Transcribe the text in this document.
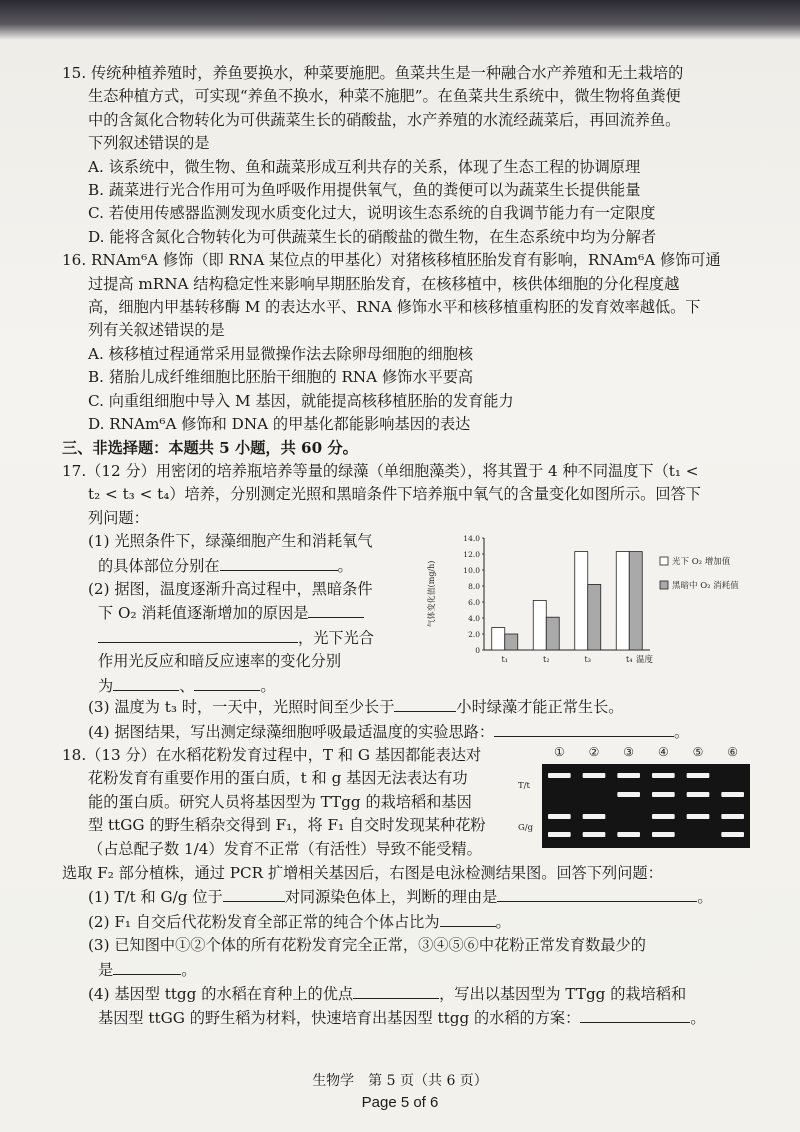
15. 传统种植养殖时，养鱼要换水，种菜要施肥。鱼菜共生是一种融合水产养殖和无土栽培的
生态种植方式，可实现“养鱼不换水，种菜不施肥”。在鱼菜共生系统中，微生物将鱼粪便
中的含氮化合物转化为可供蔬菜生长的硝酸盐，水产养殖的水流经蔬菜后，再回流养鱼。
下列叙述错误的是
A. 该系统中，微生物、鱼和蔬菜形成互利共存的关系，体现了生态工程的协调原理
B. 蔬菜进行光合作用可为鱼呼吸作用提供氧气，鱼的粪便可以为蔬菜生长提供能量
C. 若使用传感器监测发现水质变化过大，说明该生态系统的自我调节能力有一定限度
D. 能将含氮化合物转化为可供蔬菜生长的硝酸盐的微生物，在生态系统中均为分解者
16. RNAm⁶A 修饰（即 RNA 某位点的甲基化）对猪核移植胚胎发育有影响，RNAm⁶A 修饰可通
过提高 mRNA 结构稳定性来影响早期胚胎发育，在核移植中，核供体细胞的分化程度越
高，细胞内甲基转移酶 M 的表达水平、RNA 修饰水平和核移植重构胚的发育效率越低。下
列有关叙述错误的是
A. 核移植过程通常采用显微操作法去除卵母细胞的细胞核
B. 猪胎儿成纤维细胞比胚胎干细胞的 RNA 修饰水平要高
C. 向重组细胞中导入 M 基因，就能提高核移植胚胎的发育能力
D. RNAm⁶A 修饰和 DNA 的甲基化都能影响基因的表达
三、非选择题：本题共 5 小题，共 60 分。
17.（12 分）用密闭的培养瓶培养等量的绿藻（单细胞藻类），将其置于 4 种不同温度下（t₁ <
t₂ < t₃ < t₄）培养，分别测定光照和黑暗条件下培养瓶中氧气的含量变化如图所示。回答下
列问题：
(1) 光照条件下，绿藻细胞产生和消耗氧气
的具体部位分别在	。
(2) 据图，温度逐渐升高过程中，黑暗条件
下 O₂ 消耗值逐渐增加的原因是
，光下光合
作用光反应和暗反应速率的变化分别
为	、	。
气体变化值(mg/h)
0
2.0
4.0
6.0
8.0
10.0
12.0
14.0
t₁	t₂	t₃	t₄ 温度
光下 O₂ 增加值
黑暗中 O₂ 消耗值
(3) 温度为 t₃ 时，一天中，光照时间至少长于	小时绿藻才能正常生长。
(4) 据图结果，写出测定绿藻细胞呼吸最适温度的实验思路：	。
18.（13 分）在水稻花粉发育过程中，T 和 G 基因都能表达对
花粉发育有重要作用的蛋白质，t 和 g 基因无法表达有功
能的蛋白质。研究人员将基因型为 TTgg 的栽培稻和基因
型 ttGG 的野生稻杂交得到 F₁，将 F₁ 自交时发现某种花粉
（占总配子数 1/4）发育不正常（有活性）导致不能受精。
① ② ③ ④ ⑤ ⑥
T/t
G/g
选取 F₂ 部分植株，通过 PCR 扩增相关基因后，右图是电泳检测结果图。回答下列问题：
(1) T/t 和 G/g 位于	对同源染色体上，判断的理由是	。
(2) F₁ 自交后代花粉发育全部正常的纯合个体占比为	。
(3) 已知图中①②个体的所有花粉发育完全正常，③④⑤⑥中花粉正常发育数最少的
是	。
(4) 基因型 ttgg 的水稻在育种上的优点	，写出以基因型为 TTgg 的栽培稻和
基因型 ttGG 的野生稻为材料，快速培育出基因型 ttgg 的水稻的方案：	。
生物学　第 5 页（共 6 页）
Page 5 of 6
